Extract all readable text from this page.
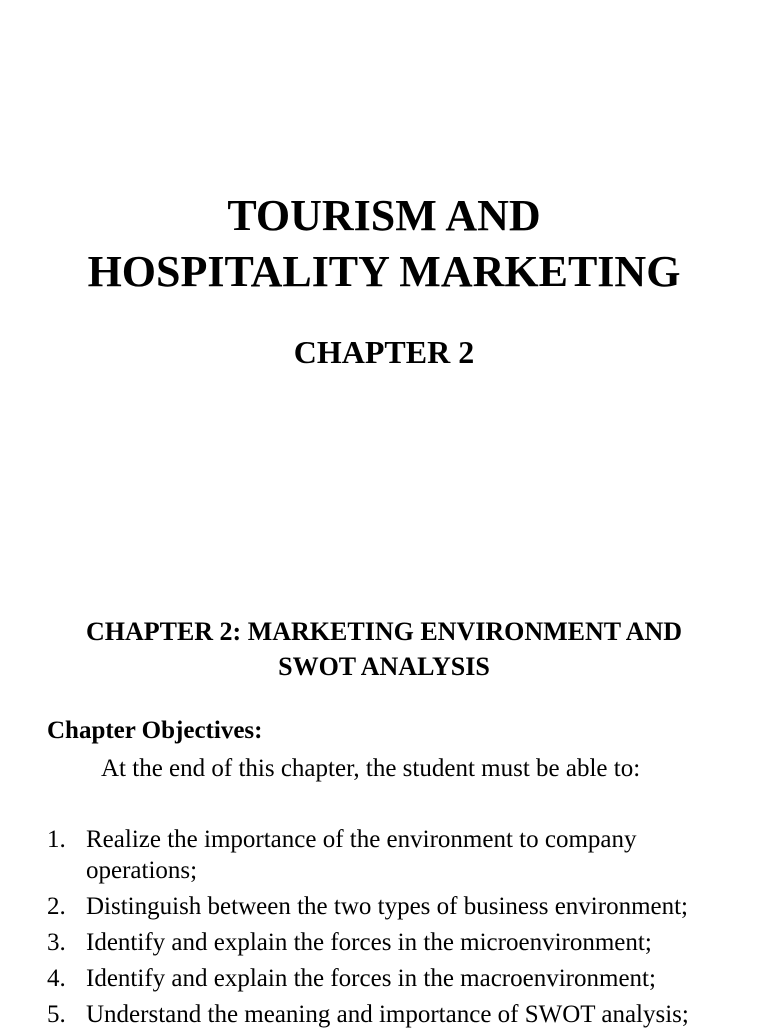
TOURISM AND
HOSPITALITY MARKETING
CHAPTER 2
CHAPTER 2: MARKETING ENVIRONMENT AND
SWOT ANALYSIS

Chapter Objectives:

At the end of this chapter, the student must be able to:

1. Realize the importance of the environment to company operations;
2. Distinguish between the two types of business environment;
3. Identify and explain the forces in the microenvironment;
4. Identify and explain the forces in the macroenvironment;
5. Understand the meaning and importance of SWOT analysis;
